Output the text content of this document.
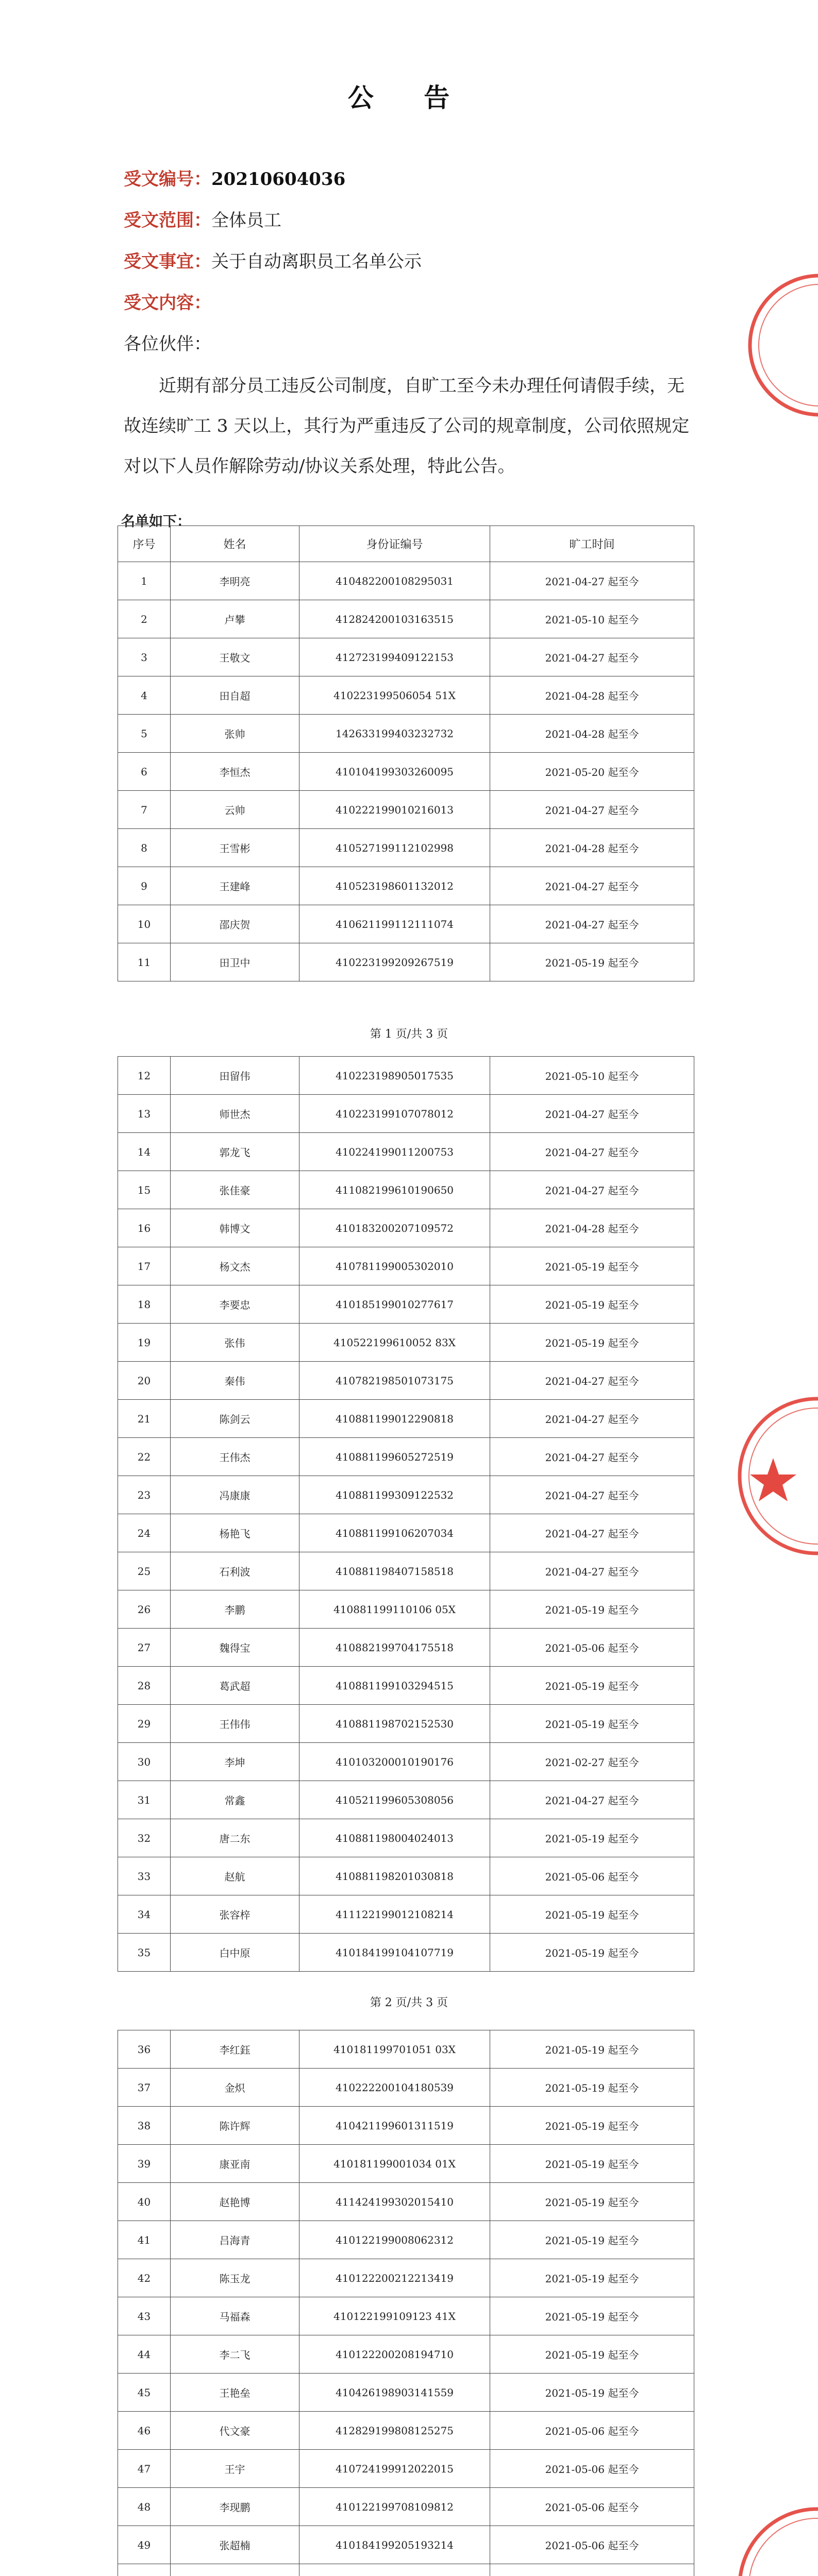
公 告
受文编号：20210604036
受文范围：全体员工
受文事宜：关于自动离职员工名单公示
受文内容：
各位伙伴：
近期有部分员工违反公司制度，自旷工至今未办理任何请假手续，无故连续旷工 3 天以上，其行为严重违反了公司的规章制度，公司依照规定对以下人员作解除劳动/协议关系处理，特此公告。
名单如下：
序号	姓名	身份证编号	旷工时间
1	李明亮	410482200108295031	2021-04-27 起至今
2	卢攀	412824200103163515	2021-05-10 起至今
3	王敬文	412723199409122153	2021-04-27 起至今
4	田自超	410223199506054 51X	2021-04-28 起至今
5	张帅	142633199403232732	2021-04-28 起至今
6	李恒杰	410104199303260095	2021-05-20 起至今
7	云帅	410222199010216013	2021-04-27 起至今
8	王雪彬	410527199112102998	2021-04-28 起至今
9	王建峰	410523198601132012	2021-04-27 起至今
10	邵庆贺	410621199112111074	2021-04-27 起至今
11	田卫中	410223199209267519	2021-05-19 起至今
第 1 页/共 3 页
12	田留伟	410223198905017535	2021-05-10 起至今
13	师世杰	410223199107078012	2021-04-27 起至今
14	郭龙飞	410224199011200753	2021-04-27 起至今
15	张佳豪	411082199610190650	2021-04-27 起至今
16	韩博文	410183200207109572	2021-04-28 起至今
17	杨文杰	410781199005302010	2021-05-19 起至今
18	李要忠	410185199010277617	2021-05-19 起至今
19	张伟	410522199610052 83X	2021-05-19 起至今
20	秦伟	410782198501073175	2021-04-27 起至今
21	陈剑云	410881199012290818	2021-04-27 起至今
22	王伟杰	410881199605272519	2021-04-27 起至今
23	冯康康	410881199309122532	2021-04-27 起至今
24	杨艳飞	410881199106207034	2021-04-27 起至今
25	石利波	410881198407158518	2021-04-27 起至今
26	李鹏	410881199110106 05X	2021-05-19 起至今
27	魏得宝	410882199704175518	2021-05-06 起至今
28	葛武超	410881199103294515	2021-05-19 起至今
29	王伟伟	410881198702152530	2021-05-19 起至今
30	李坤	410103200010190176	2021-02-27 起至今
31	常鑫	410521199605308056	2021-04-27 起至今
32	唐二东	410881198004024013	2021-05-19 起至今
33	赵航	410881198201030818	2021-05-06 起至今
34	张容梓	411122199012108214	2021-05-19 起至今
35	白中原	410184199104107719	2021-05-19 起至今
第 2 页/共 3 页
36	李红鈺	410181199701051 03X	2021-05-19 起至今
37	金炽	410222200104180539	2021-05-19 起至今
38	陈许辉	410421199601311519	2021-05-19 起至今
39	康亚南	410181199001034 01X	2021-05-19 起至今
40	赵艳博	411424199302015410	2021-05-19 起至今
41	吕海青	410122199008062312	2021-05-19 起至今
42	陈玉龙	410122200212213419	2021-05-19 起至今
43	马福森	410122199109123 41X	2021-05-19 起至今
44	李二飞	410122200208194710	2021-05-19 起至今
45	王艳垒	410426198903141559	2021-05-19 起至今
46	代文豪	412829199808125275	2021-05-06 起至今
47	王宇	410724199912022015	2021-05-06 起至今
48	李现鹏	410122199708109812	2021-05-06 起至今
49	张超楠	410184199205193214	2021-05-06 起至今
